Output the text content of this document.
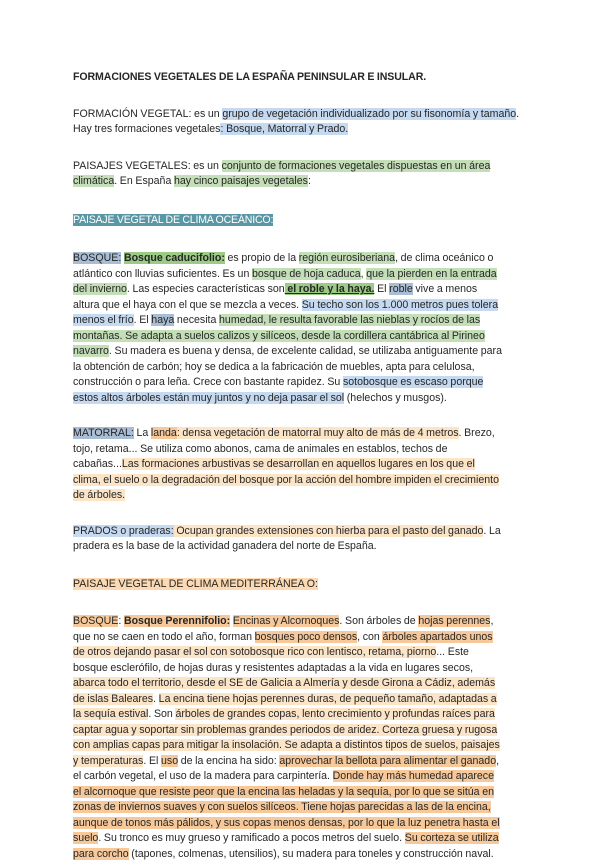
FORMACIONES VEGETALES DE LA ESPAÑA PENINSULAR E INSULAR.

FORMACIÓN VEGETAL: es un grupo de vegetación individualizado por su fisonomía y tamaño. Hay tres formaciones vegetales: Bosque, Matorral y Prado.

PAISAJES VEGETALES: es un conjunto de formaciones vegetales dispuestas en un área climática. En España hay cinco paisajes vegetales:

PAISAJE VEGETAL DE CLIMA OCEÁNICO:

BOSQUE: Bosque caducifolio: es propio de la región eurosiberiana, de clima oceánico o
atlántico con lluvias suficientes. Es un bosque de hoja caduca, que la pierden en la entrada
del invierno. Las especies características son el roble y la haya. El roble vive a menos
altura que el haya con el que se mezcla a veces. Su techo son los 1.000 metros pues tolera
menos el frío. El haya necesita humedad, le resulta favorable las nieblas y rocíos de las
montañas. Se adapta a suelos calizos y silíceos, desde la cordillera cantábrica al Pirineo
navarro. Su madera es buena y densa, de excelente calidad, se utilizaba antiguamente para
la obtención de carbón; hoy se dedica a la fabricación de muebles, apta para celulosa,
construcción o para leña. Crece con bastante rapidez. Su sotobosque es escaso porque
estos altos árboles están muy juntos y no deja pasar el sol (helechos y musgos).

MATORRAL: La landa: densa vegetación de matorral muy alto de más de 4 metros. Brezo,
tojo, retama... Se utiliza como abonos, cama de animales en establos, techos de
cabañas...Las formaciones arbustivas se desarrollan en aquellos lugares en los que el
clima, el suelo o la degradación del bosque por la acción del hombre impiden el crecimiento
de árboles.

PRADOS o praderas: Ocupan grandes extensiones con hierba para el pasto del ganado. La
pradera es la base de la actividad ganadera del norte de España.

PAISAJE VEGETAL DE CLIMA MEDITERRÁNEA O:

BOSQUE: Bosque Perennifolio: Encinas y Alcornoques. Son árboles de hojas perennes,
que no se caen en todo el año, forman bosques poco densos, con árboles apartados unos
de otros dejando pasar el sol con sotobosque rico con lentisco, retama, piorno... Este
bosque esclerófilo, de hojas duras y resistentes adaptadas a la vida en lugares secos,
abarca todo el territorio, desde el SE de Galicia a Almería y desde Girona a Cádiz, además
de islas Baleares. La encina tiene hojas perennes duras, de pequeño tamaño, adaptadas a
la sequía estival. Son árboles de grandes copas, lento crecimiento y profundas raíces para
captar agua y soportar sin problemas grandes periodos de aridez. Corteza gruesa y rugosa
con amplias capas para mitigar la insolación. Se adapta a distintos tipos de suelos, paisajes
y temperaturas. El uso de la encina ha sido: aprovechar la bellota para alimentar el ganado,
el carbón vegetal, el uso de la madera para carpintería. Donde hay más humedad aparece
el alcornoque que resiste peor que la encina las heladas y la sequía, por lo que se sitúa en
zonas de inviernos suaves y con suelos silíceos. Tiene hojas parecidas a las de la encina,
aunque de tonos más pálidos, y sus copas menos densas, por lo que la luz penetra hasta el
suelo. Su tronco es muy grueso y ramificado a pocos metros del suelo. Su corteza se utiliza
para corcho (tapones, colmenas, utensilios), su madera para toneles y construcción naval.
